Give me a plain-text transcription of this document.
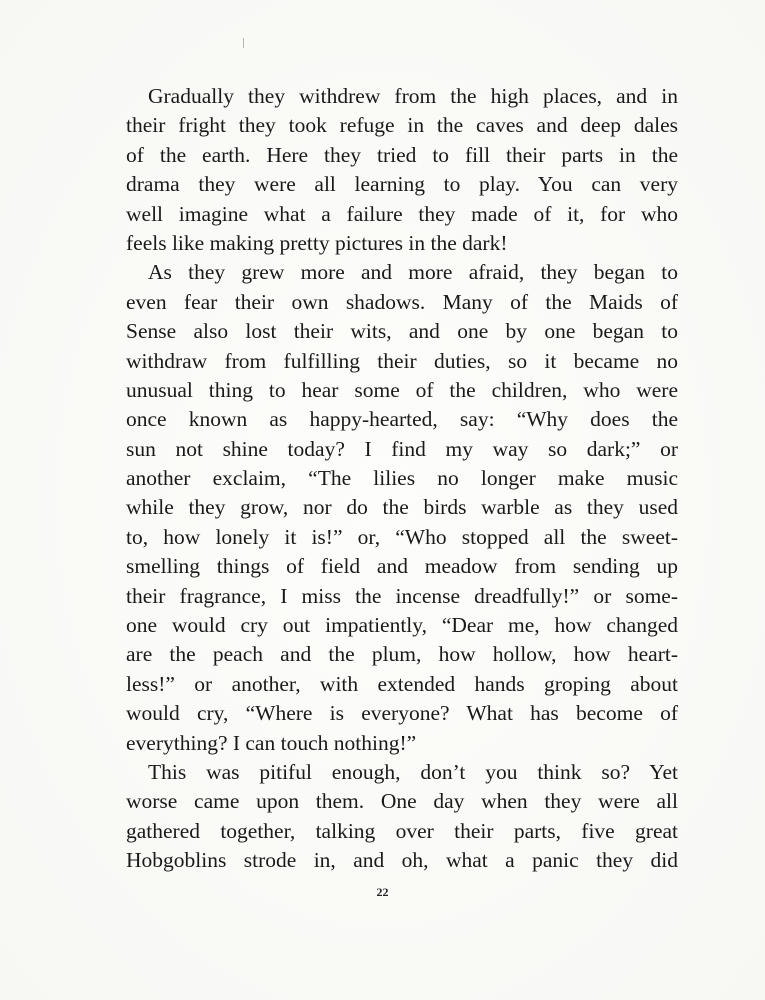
Gradually they withdrew from the high places, and in
their fright they took refuge in the caves and deep dales
of the earth. Here they tried to fill their parts in the
drama they were all learning to play. You can very
well imagine what a failure they made of it, for who
feels like making pretty pictures in the dark!
As they grew more and more afraid, they began to
even fear their own shadows. Many of the Maids of
Sense also lost their wits, and one by one began to
withdraw from fulfilling their duties, so it became no
unusual thing to hear some of the children, who were
once known as happy-hearted, say: “Why does the
sun not shine today? I find my way so dark;” or
another exclaim, “The lilies no longer make music
while they grow, nor do the birds warble as they used
to, how lonely it is!” or, “Who stopped all the sweet-
smelling things of field and meadow from sending up
their fragrance, I miss the incense dreadfully!” or some-
one would cry out impatiently, “Dear me, how changed
are the peach and the plum, how hollow, how heart-
less!” or another, with extended hands groping about
would cry, “Where is everyone? What has become of
everything? I can touch nothing!”
This was pitiful enough, don’t you think so? Yet
worse came upon them. One day when they were all
gathered together, talking over their parts, five great
Hobgoblins strode in, and oh, what a panic they did
22
